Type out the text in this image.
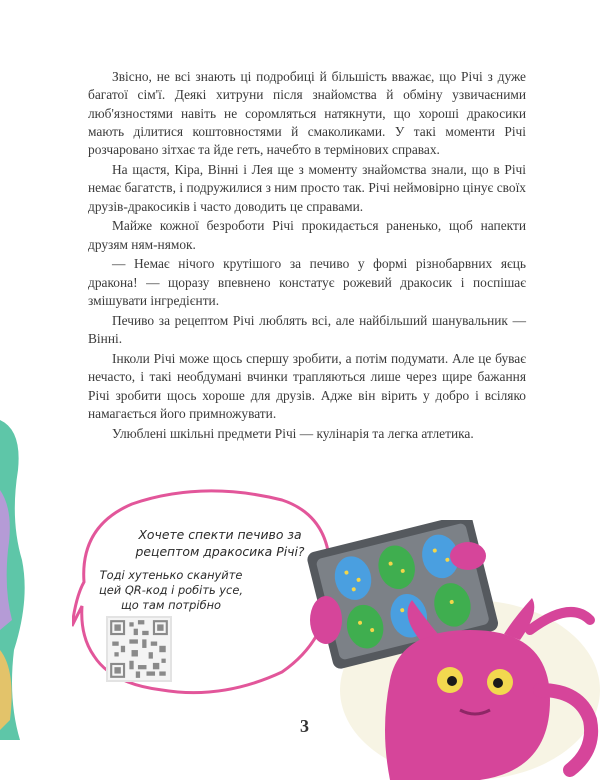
Звісно, не всі знають ці подробиці й більшість вважає, що Річі з дуже багатої сім'ї. Деякі хитруни після знайомства й обміну узвичаєними люб'язностями навіть не соромляться натякнути, що хороші дракосики мають ділитися коштовностями й смаколиками. У такі моменти Річі розчаровано зітхає та йде геть, начебто в термінових справах.

На щастя, Кіра, Вінні і Лея ще з моменту знайомства знали, що в Річі немає багатств, і подружилися з ним просто так. Річі неймовірно цінує своїх друзів-дракосиків і часто доводить це справами.

Майже кожної безроботи Річі прокидається раненько, щоб напекти друзям ням-нямок.

— Немає нічого крутішого за печиво у формі різнобарвних яєць дракона! — щоразу впевнено констатує рожевий дракосик і поспішає змішувати інгредієнти.

Печиво за рецептом Річі люблять всі, але найбільший шанувальник — Вінні.

Інколи Річі може щось спершу зробити, а потім подумати. Але це буває нечасто, і такі необдумані вчинки трапляються лише через щире бажання Річі зробити щось хороше для друзів. Адже він вірить у добро і всіляко намагається його примножувати.

Улюблені шкільні предмети Річі — кулінарія та легка атлетика.

Хочете спекти печиво за рецептом дракосика Річі?
Тоді хутенько скануйте цей QR-код і робіть усе, що там потрібно
3
